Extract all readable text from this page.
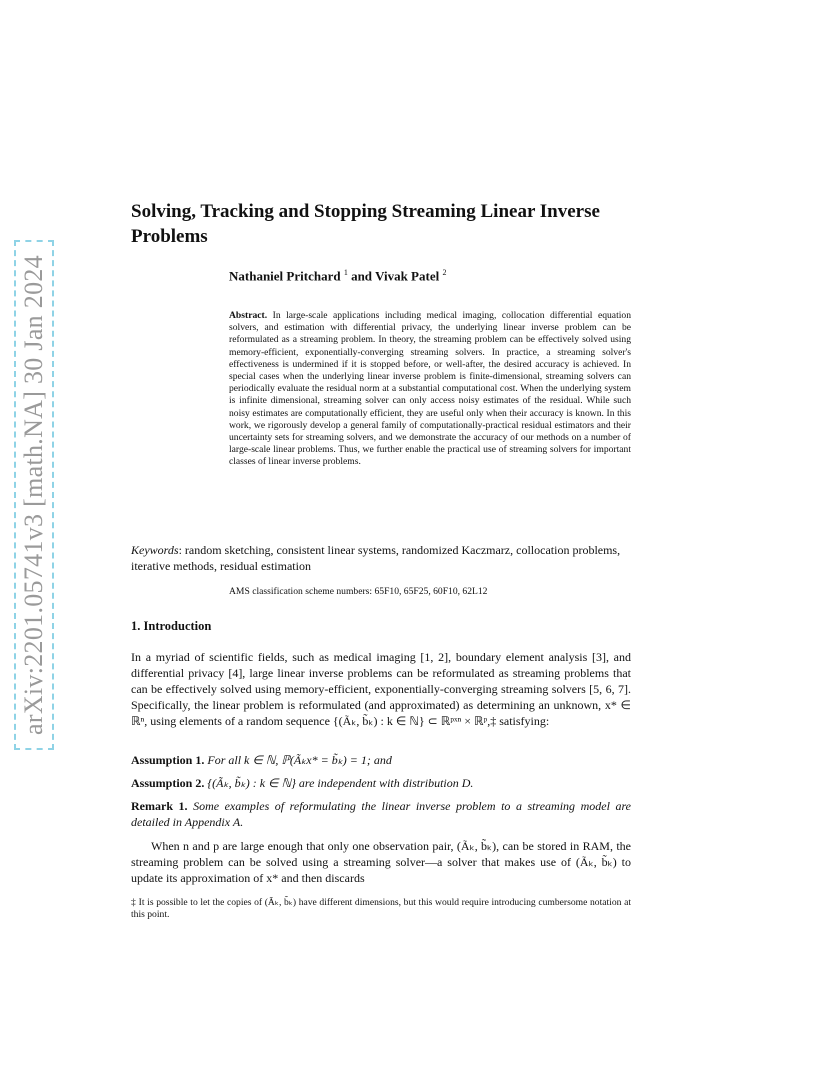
arXiv:2201.05741v3 [math.NA] 30 Jan 2024
Solving, Tracking and Stopping Streaming Linear Inverse Problems
Nathaniel Pritchard $^1$ and Vivak Patel $^2$
Abstract. In large-scale applications including medical imaging, collocation differential equation solvers, and estimation with differential privacy, the underlying linear inverse problem can be reformulated as a streaming problem. In theory, the streaming problem can be effectively solved using memory-efficient, exponentially-converging streaming solvers. In practice, a streaming solver's effectiveness is undermined if it is stopped before, or well-after, the desired accuracy is achieved. In special cases when the underlying linear inverse problem is finite-dimensional, streaming solvers can periodically evaluate the residual norm at a substantial computational cost. When the underlying system is infinite dimensional, streaming solver can only access noisy estimates of the residual. While such noisy estimates are computationally efficient, they are useful only when their accuracy is known. In this work, we rigorously develop a general family of computationally-practical residual estimators and their uncertainty sets for streaming solvers, and we demonstrate the accuracy of our methods on a number of large-scale linear problems. Thus, we further enable the practical use of streaming solvers for important classes of linear inverse problems.
Keywords: random sketching, consistent linear systems, randomized Kaczmarz, collocation problems, iterative methods, residual estimation
AMS classification scheme numbers: 65F10, 65F25, 60F10, 62L12
1. Introduction
In a myriad of scientific fields, such as medical imaging [1, 2], boundary element analysis [3], and differential privacy [4], large linear inverse problems can be reformulated as streaming problems that can be effectively solved using memory-efficient, exponentially-converging streaming solvers [5, 6, 7]. Specifically, the linear problem is reformulated (and approximated) as determining an unknown, x* ∈ ℝⁿ, using elements of a random sequence {(Ãₖ, b̃ₖ) : k ∈ ℕ} ⊂ ℝᵖˣⁿ × ℝᵖ,‡ satisfying:
Assumption 1. For all k ∈ ℕ, ℙ(Ãₖx* = b̃ₖ) = 1; and
Assumption 2. {(Ãₖ, b̃ₖ) : k ∈ ℕ} are independent with distribution D.
Remark 1. Some examples of reformulating the linear inverse problem to a streaming model are detailed in Appendix A.
When n and p are large enough that only one observation pair, (Ãₖ, b̃ₖ), can be stored in RAM, the streaming problem can be solved using a streaming solver—a solver that makes use of (Ãₖ, b̃ₖ) to update its approximation of x* and then discards
‡ It is possible to let the copies of (Ãₖ, b̃ₖ) have different dimensions, but this would require introducing cumbersome notation at this point.
